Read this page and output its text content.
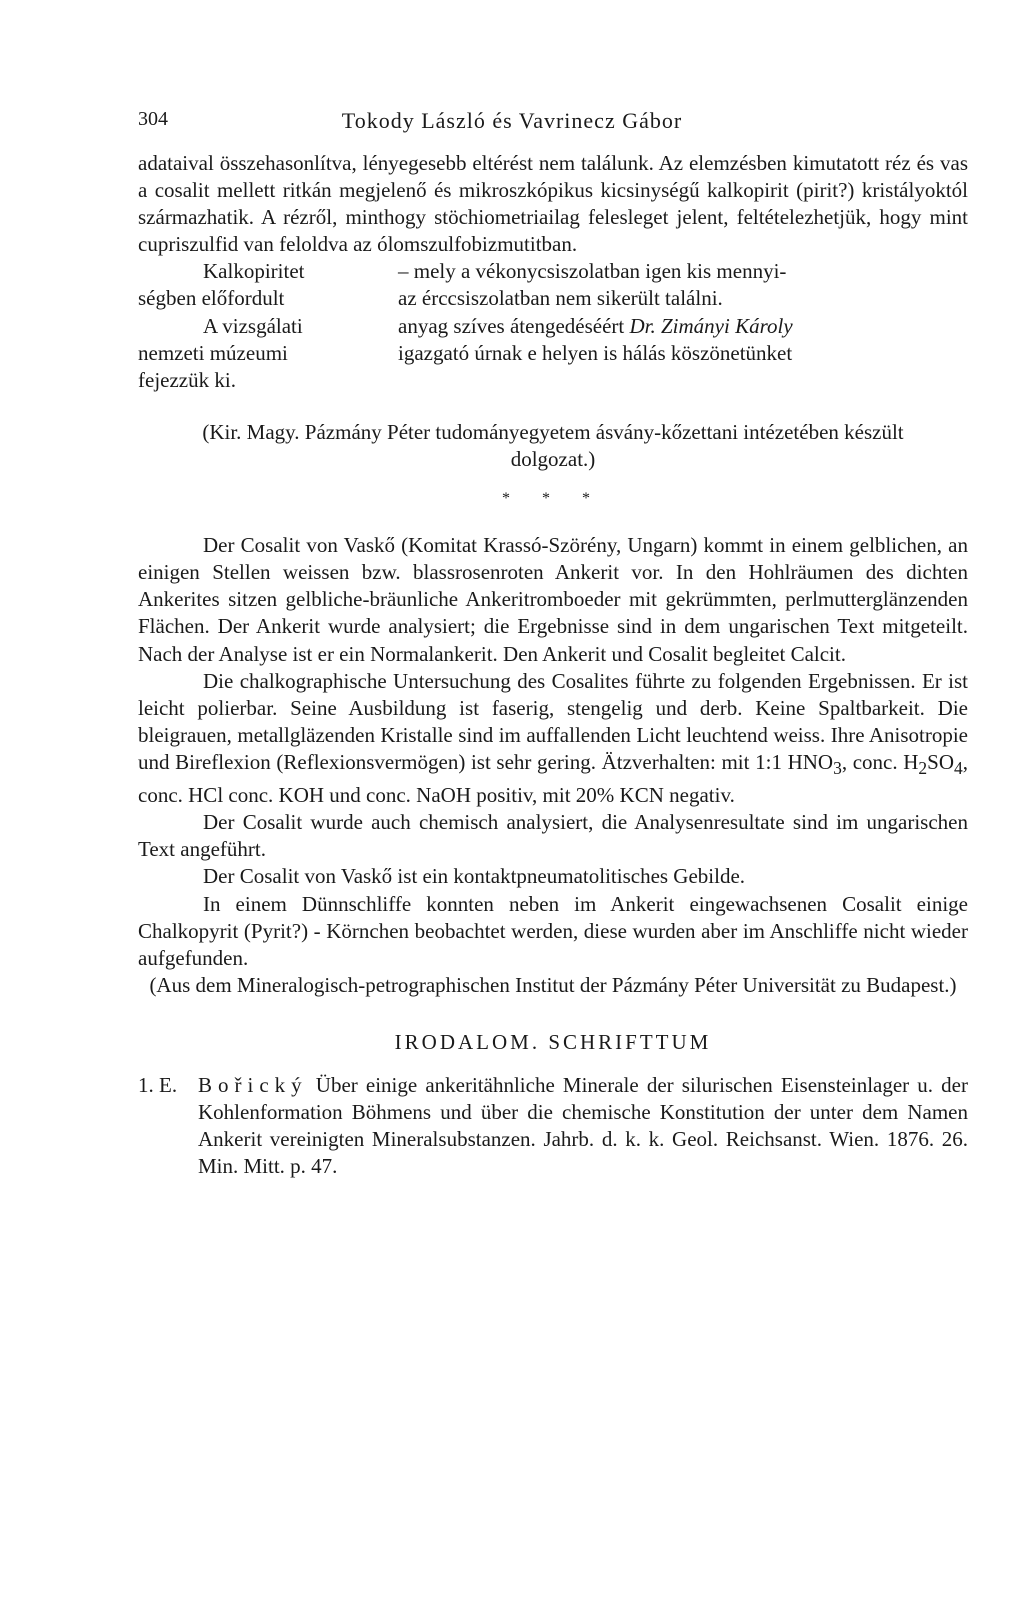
304	Tokody László és Vavrinecz Gábor

adataival összehasonlítva, lényegesebb eltérést nem találunk. Az elemzésben kimutatott réz és vas a cosalit mellett ritkán megjelenő és mikroszkópikus kicsinységű kalkopirit (pirit?) kristályoktól származhatik. A rézről, minthogy stöchiometriailag felesleget jelent, feltételezhetjük, hogy mint cupriszulfid van feloldva az ólomszulfobizmutitban.

Kalkopiritet	– mely a vékonycsiszolatban igen kis mennyi-
ségben előfordult	az érccsiszolatban nem sikerült találni.
A vizsgálati	anyag szíves átengedéséért Dr. Zimányi Károly
nemzeti múzeumi	igazgató úrnak e helyen is hálás köszönetünket
fejezzük ki.

(Kir. Magy. Pázmány Péter tudományegyetem ásvány-kőzettani intézetében készült dolgozat.)

* * *

Der Cosalit von Vaskő (Komitat Krassó-Szörény, Ungarn) kommt in einem gelblichen, an einigen Stellen weissen bzw. blassrosenroten Ankerit vor. In den Hohlräumen des dichten Ankerites sitzen gelbliche-bräunliche Ankeritromboeder mit gekrümmten, perlmutterglänzenden Flächen. Der Ankerit wurde analysiert; die Ergebnisse sind in dem ungarischen Text mitgeteilt. Nach der Analyse ist er ein Normalankerit. Den Ankerit und Cosalit begleitet Calcit.

Die chalkographische Untersuchung des Cosalites führte zu folgenden Ergebnissen. Er ist leicht polierbar. Seine Ausbildung ist faserig, stengelig und derb. Keine Spaltbarkeit. Die bleigrauen, metallgläzenden Kristalle sind im auffallenden Licht leuchtend weiss. Ihre Anisotropie und Bireflexion (Reflexionsvermögen) ist sehr gering. Ätzverhalten: mit 1:1 $HNO_3$, conc. $H_2SO_4$, conc. HCl conc. KOH und conc. NaOH positiv, mit 20% KCN negativ.

Der Cosalit wurde auch chemisch analysiert, die Analysenresultate sind im ungarischen Text angeführt.

Der Cosalit von Vaskő ist ein kontaktpneumatolitisches Gebilde.

In einem Dünnschliffe konnten neben im Ankerit eingewachsenen Cosalit einige Chalkopyrit (Pyrit?) - Körnchen beobachtet werden, diese wurden aber im Anschliffe nicht wieder aufgefunden.

(Aus dem Mineralogisch-petrographischen Institut der Pázmány Péter Universität zu Budapest.)

IRODALOM. SCHRIFTTUM
1. E. Bořický Über einige ankeritähnliche Minerale der silurischen Eisensteinlager u. der Kohlenformation Böhmens und über die chemische Konstitution der unter dem Namen Ankerit vereinigten Mineralsubstanzen. Jahrb. d. k. k. Geol. Reichsanst. Wien. 1876. 26. Min. Mitt. p. 47.
